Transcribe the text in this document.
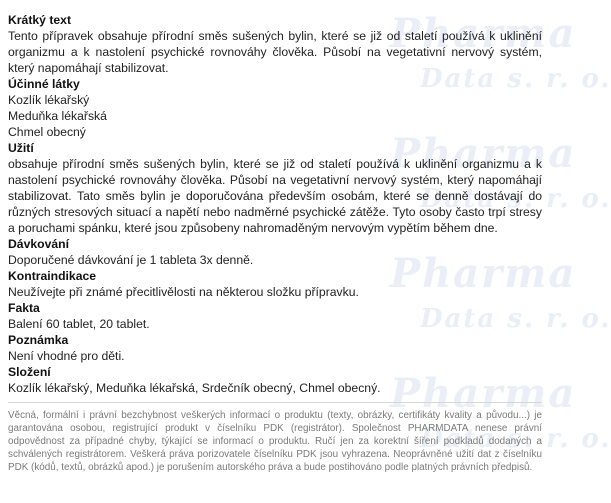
Pharma
Data s. r. o.
Pharma
Data s. r. o.
Pharma
Data s. r. o.
Pharma
Data s. r. o.
Krátký text

Tento přípravek obsahuje přírodní směs sušených bylin, které se již od staletí používá k uklinění organizmu a k nastolení psychické rovnováhy člověka. Působí na vegetativní nervový systém, který napomáhají stabilizovat.

Účinné látky
Kozlík lékařský
Meduňka lékařská
Chmel obecný
Užití

obsahuje přírodní směs sušených bylin, které se již od staletí používá k uklinění organizmu a k nastolení psychické rovnováhy člověka. Působí na vegetativní nervový systém, který napomáhají stabilizovat. Tato směs bylin je doporučována především osobám, které se denně dostávají do různých stresových situací a napětí nebo nadměrné psychické zátěže. Tyto osoby často trpí stresy a poruchami spánku, které jsou způsobeny nahromaděným nervovým vypětím během dne.

Dávkování

Doporučené dávkování je 1 tableta 3x denně.

Kontraindikace

Neužívejte při známé přecitlivělosti na některou složku přípravku.

Fakta

Balení 60 tablet, 20 tablet.

Poznámka

Není vhodné pro děti.

Složení

Kozlík lékařský, Meduňka lékařská, Srdečník obecný, Chmel obecný.

Věcná, formální i právní bezchybnost veškerých informací o produktu (texty, obrázky, certifikáty kvality a původu...) je garantována osobou, registrující produkt v číselníku PDK (registrátor). Společnost PHARMDATA nenese právní odpovědnost za případné chyby, týkající se informací o produktu. Ručí jen za korektní šíření podkladů dodaných a schválených registrátorem. Veškerá práva porizovatele číselníku PDK jsou vyhrazena. Neoprávněné užití dat z číselníku PDK (kódů, textů, obrázků apod.) je porušením autorského práva a bude postihováno podle platných právních předpisů.
